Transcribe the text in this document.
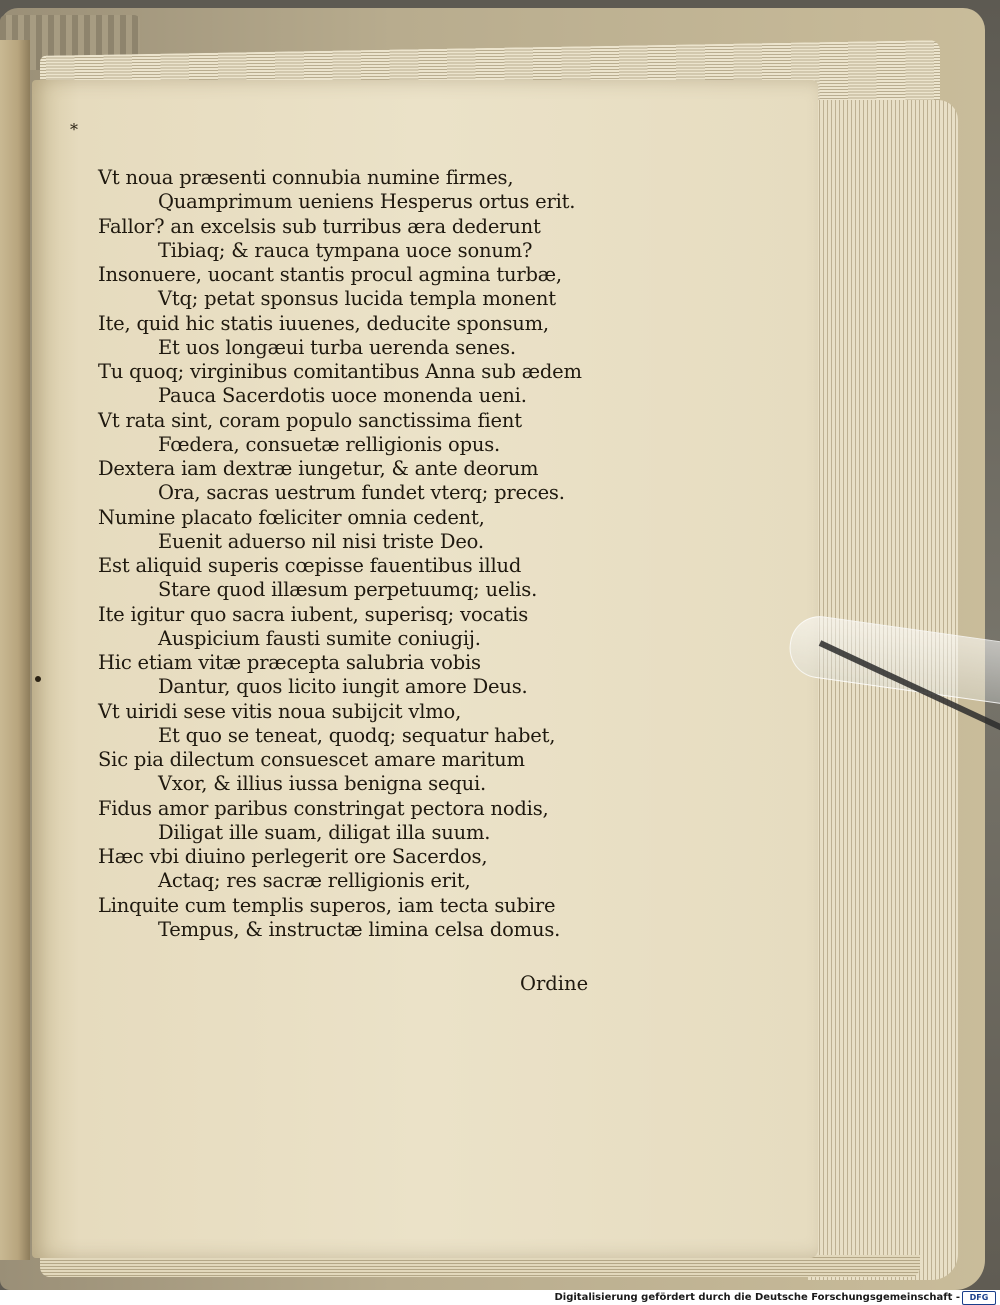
*
Vt noua præsenti connubia numine firmes,
Quamprimum ueniens Hesperus ortus erit.
Fallor? an excelsis sub turribus æra dederunt
Tibiaq; & rauca tympana uoce sonum?
Insonuere, uocant stantis procul agmina turbæ,
Vtq; petat sponsus lucida templa monent
Ite, quid hic statis iuuenes, deducite sponsum,
Et uos longæui turba uerenda senes.
Tu quoq; virginibus comitantibus Anna sub ædem
Pauca Sacerdotis uoce monenda ueni.
Vt rata sint, coram populo sanctissima fient
Fœdera, consuetæ relligionis opus.
Dextera iam dextræ iungetur, & ante deorum
Ora, sacras uestrum fundet vterq; preces.
Numine placato fœliciter omnia cedent,
Euenit aduerso nil nisi triste Deo.
Est aliquid superis cœpisse fauentibus illud
Stare quod illæsum perpetuumq; uelis.
Ite igitur quo sacra iubent, superisq; vocatis
Auspicium fausti sumite coniugij.
Hic etiam vitæ præcepta salubria vobis
Dantur, quos licito iungit amore Deus.
Vt uiridi sese vitis noua subijcit vlmo,
Et quo se teneat, quodq; sequatur habet,
Sic pia dilectum consuescet amare maritum
Vxor, & illius iussa benigna sequi.
Fidus amor paribus constringat pectora nodis,
Diligat ille suam, diligat illa suum.
Hæc vbi diuino perlegerit ore Sacerdos,
Actaq; res sacræ relligionis erit,
Linquite cum templis superos, iam tecta subire
Tempus, & instructæ limina celsa domus.
Ordine
Digitalisierung gefördert durch die Deutsche Forschungsgemeinschaft -	DFG
